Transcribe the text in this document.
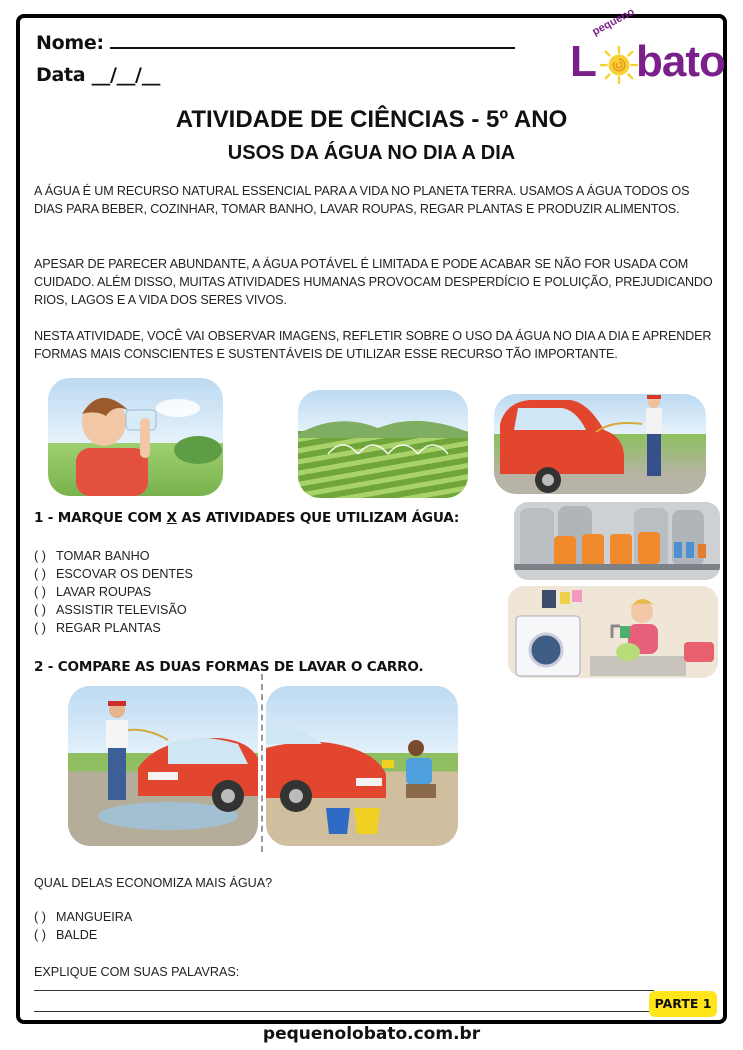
Nome:
Data __/__/__
pequeno
L bato
ATIVIDADE DE CIÊNCIAS - 5º ANO
USOS DA ÁGUA NO DIA A DIA

A ÁGUA É UM RECURSO NATURAL ESSENCIAL PARA A VIDA NO PLANETA TERRA. USAMOS A ÁGUA TODOS OS DIAS PARA BEBER, COZINHAR, TOMAR BANHO, LAVAR ROUPAS, REGAR PLANTAS E PRODUZIR ALIMENTOS.

APESAR DE PARECER ABUNDANTE, A ÁGUA POTÁVEL É LIMITADA E PODE ACABAR SE NÃO FOR USADA COM CUIDADO. ALÉM DISSO, MUITAS ATIVIDADES HUMANAS PROVOCAM DESPERDÍCIO E POLUIÇÃO, PREJUDICANDO RIOS, LAGOS E A VIDA DOS SERES VIVOS.

NESTA ATIVIDADE, VOCÊ VAI OBSERVAR IMAGENS, REFLETIR SOBRE O USO DA ÁGUA NO DIA A DIA E APRENDER FORMAS MAIS CONSCIENTES E SUSTENTÁVEIS DE UTILIZAR ESSE RECURSO TÃO IMPORTANTE.

1 - MARQUE COM X AS ATIVIDADES QUE UTILIZAM ÁGUA:
( ) TOMAR BANHO
( ) ESCOVAR OS DENTES
( ) LAVAR ROUPAS
( ) ASSISTIR TELEVISÃO
( ) REGAR PLANTAS
2 - COMPARE AS DUAS FORMAS DE LAVAR O CARRO.
QUAL DELAS ECONOMIZA MAIS ÁGUA?
( ) MANGUEIRA
( ) BALDE
EXPLIQUE COM SUAS PALAVRAS:
PARTE 1
pequenolobato.com.br
